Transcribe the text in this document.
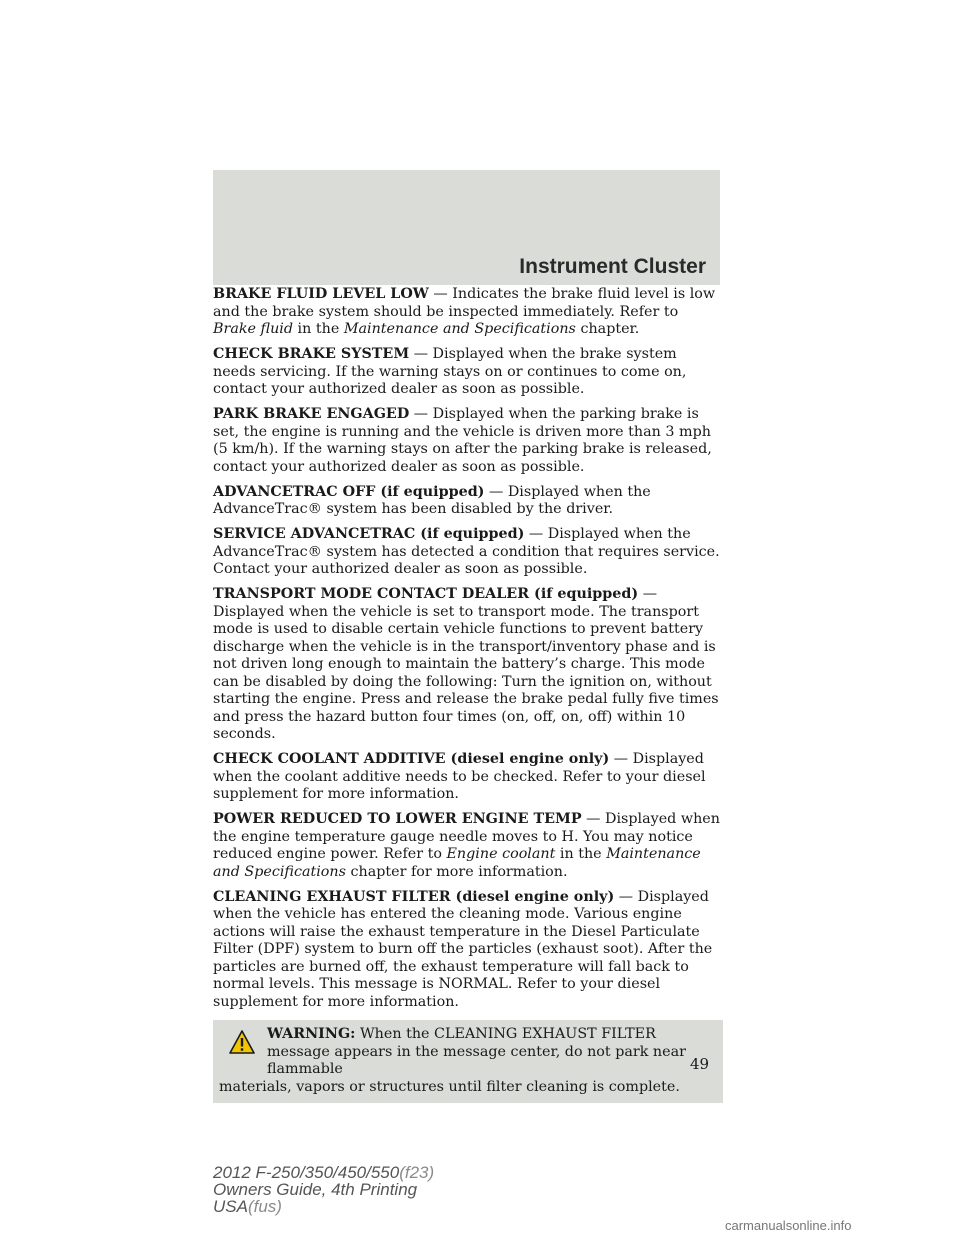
Instrument Cluster

BRAKE FLUID LEVEL LOW — Indicates the brake fluid level is low and the brake system should be inspected immediately. Refer to Brake fluid in the Maintenance and Specifications chapter.

CHECK BRAKE SYSTEM — Displayed when the brake system needs servicing. If the warning stays on or continues to come on, contact your authorized dealer as soon as possible.

PARK BRAKE ENGAGED — Displayed when the parking brake is set, the engine is running and the vehicle is driven more than 3 mph (5 km/h). If the warning stays on after the parking brake is released, contact your authorized dealer as soon as possible.

ADVANCETRAC OFF (if equipped) — Displayed when the AdvanceTrac® system has been disabled by the driver.

SERVICE ADVANCETRAC (if equipped) — Displayed when the AdvanceTrac® system has detected a condition that requires service. Contact your authorized dealer as soon as possible.

TRANSPORT MODE CONTACT DEALER (if equipped) — Displayed when the vehicle is set to transport mode. The transport mode is used to disable certain vehicle functions to prevent battery discharge when the vehicle is in the transport/inventory phase and is not driven long enough to maintain the battery’s charge. This mode can be disabled by doing the following: Turn the ignition on, without starting the engine. Press and release the brake pedal fully five times and press the hazard button four times (on, off, on, off) within 10 seconds.

CHECK COOLANT ADDITIVE (diesel engine only) — Displayed when the coolant additive needs to be checked. Refer to your diesel supplement for more information.

POWER REDUCED TO LOWER ENGINE TEMP — Displayed when the engine temperature gauge needle moves to H. You may notice reduced engine power. Refer to Engine coolant in the Maintenance and Specifications chapter for more information.

CLEANING EXHAUST FILTER (diesel engine only) — Displayed when the vehicle has entered the cleaning mode. Various engine actions will raise the exhaust temperature in the Diesel Particulate Filter (DPF) system to burn off the particles (exhaust soot). After the particles are burned off, the exhaust temperature will fall back to normal levels. This message is NORMAL. Refer to your diesel supplement for more information.

WARNING: When the CLEANING EXHAUST FILTER message appears in the message center, do not park near flammable
materials, vapors or structures until filter cleaning is complete.
49
2012 F-250/350/450/550(f23)
Owners Guide, 4th Printing
USA(fus)
carmanualsonline.info
